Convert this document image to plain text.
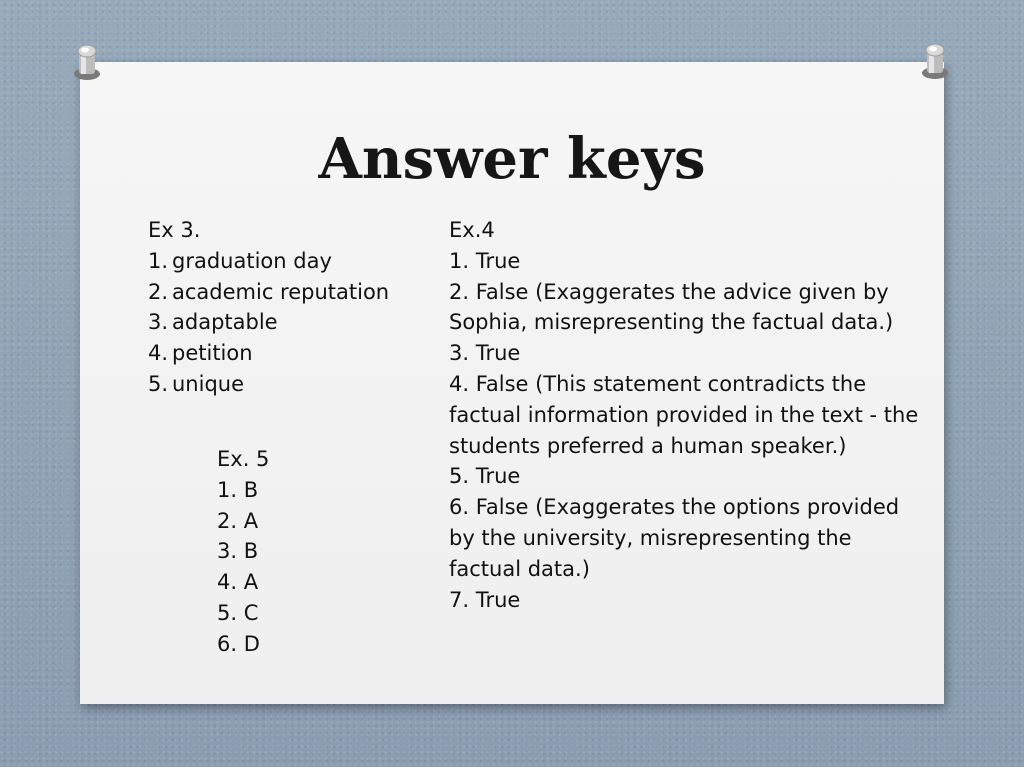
Answer keys
Ex 3.
1. graduation day
2. academic reputation
3. adaptable
4. petition
5. unique
Ex. 5
1. B
2. A
3. B
4. A
5. C
6. D
Ex.4
1. True
2. False (Exaggerates the advice given by
Sophia, misrepresenting the factual data.)
3. True
4. False (This statement contradicts the
factual information provided in the text - the
students preferred a human speaker.)
5. True
6. False (Exaggerates the options provided
by the university, misrepresenting the
factual data.)
7. True
